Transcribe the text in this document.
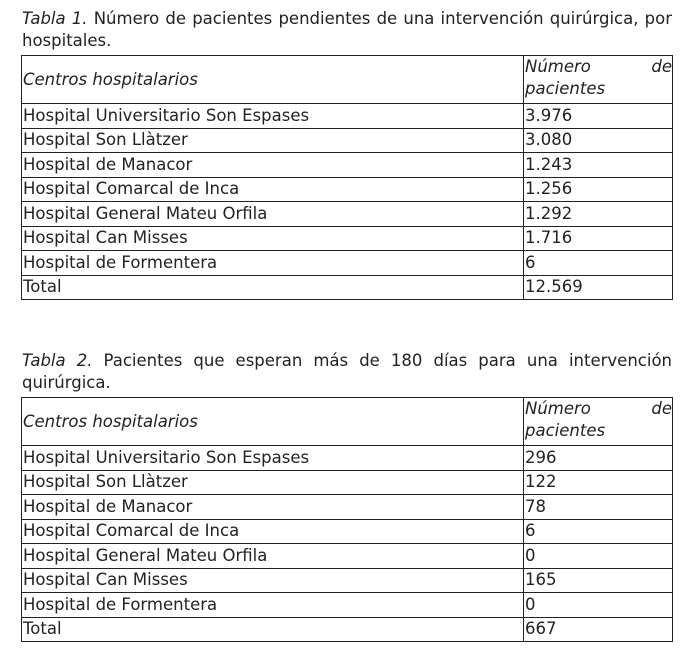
Tabla 1. Número de pacientes pendientes de una intervención quirúrgica, por hospitales.
Centros hospitalarios	Número de
pacientes

Hospital Universitario Son Espases	3.976
Hospital Son Llàtzer	3.080
Hospital de Manacor	1.243
Hospital Comarcal de Inca	1.256
Hospital General Mateu Orfila	1.292
Hospital Can Misses	1.716
Hospital de Formentera	6
Total	12.569
Tabla 2. Pacientes que esperan más de 180 días para una intervención quirúrgica.
Centros hospitalarios	Número de
pacientes

Hospital Universitario Son Espases	296
Hospital Son Llàtzer	122
Hospital de Manacor	78
Hospital Comarcal de Inca	6
Hospital General Mateu Orfila	0
Hospital Can Misses	165
Hospital de Formentera	0
Total	667
